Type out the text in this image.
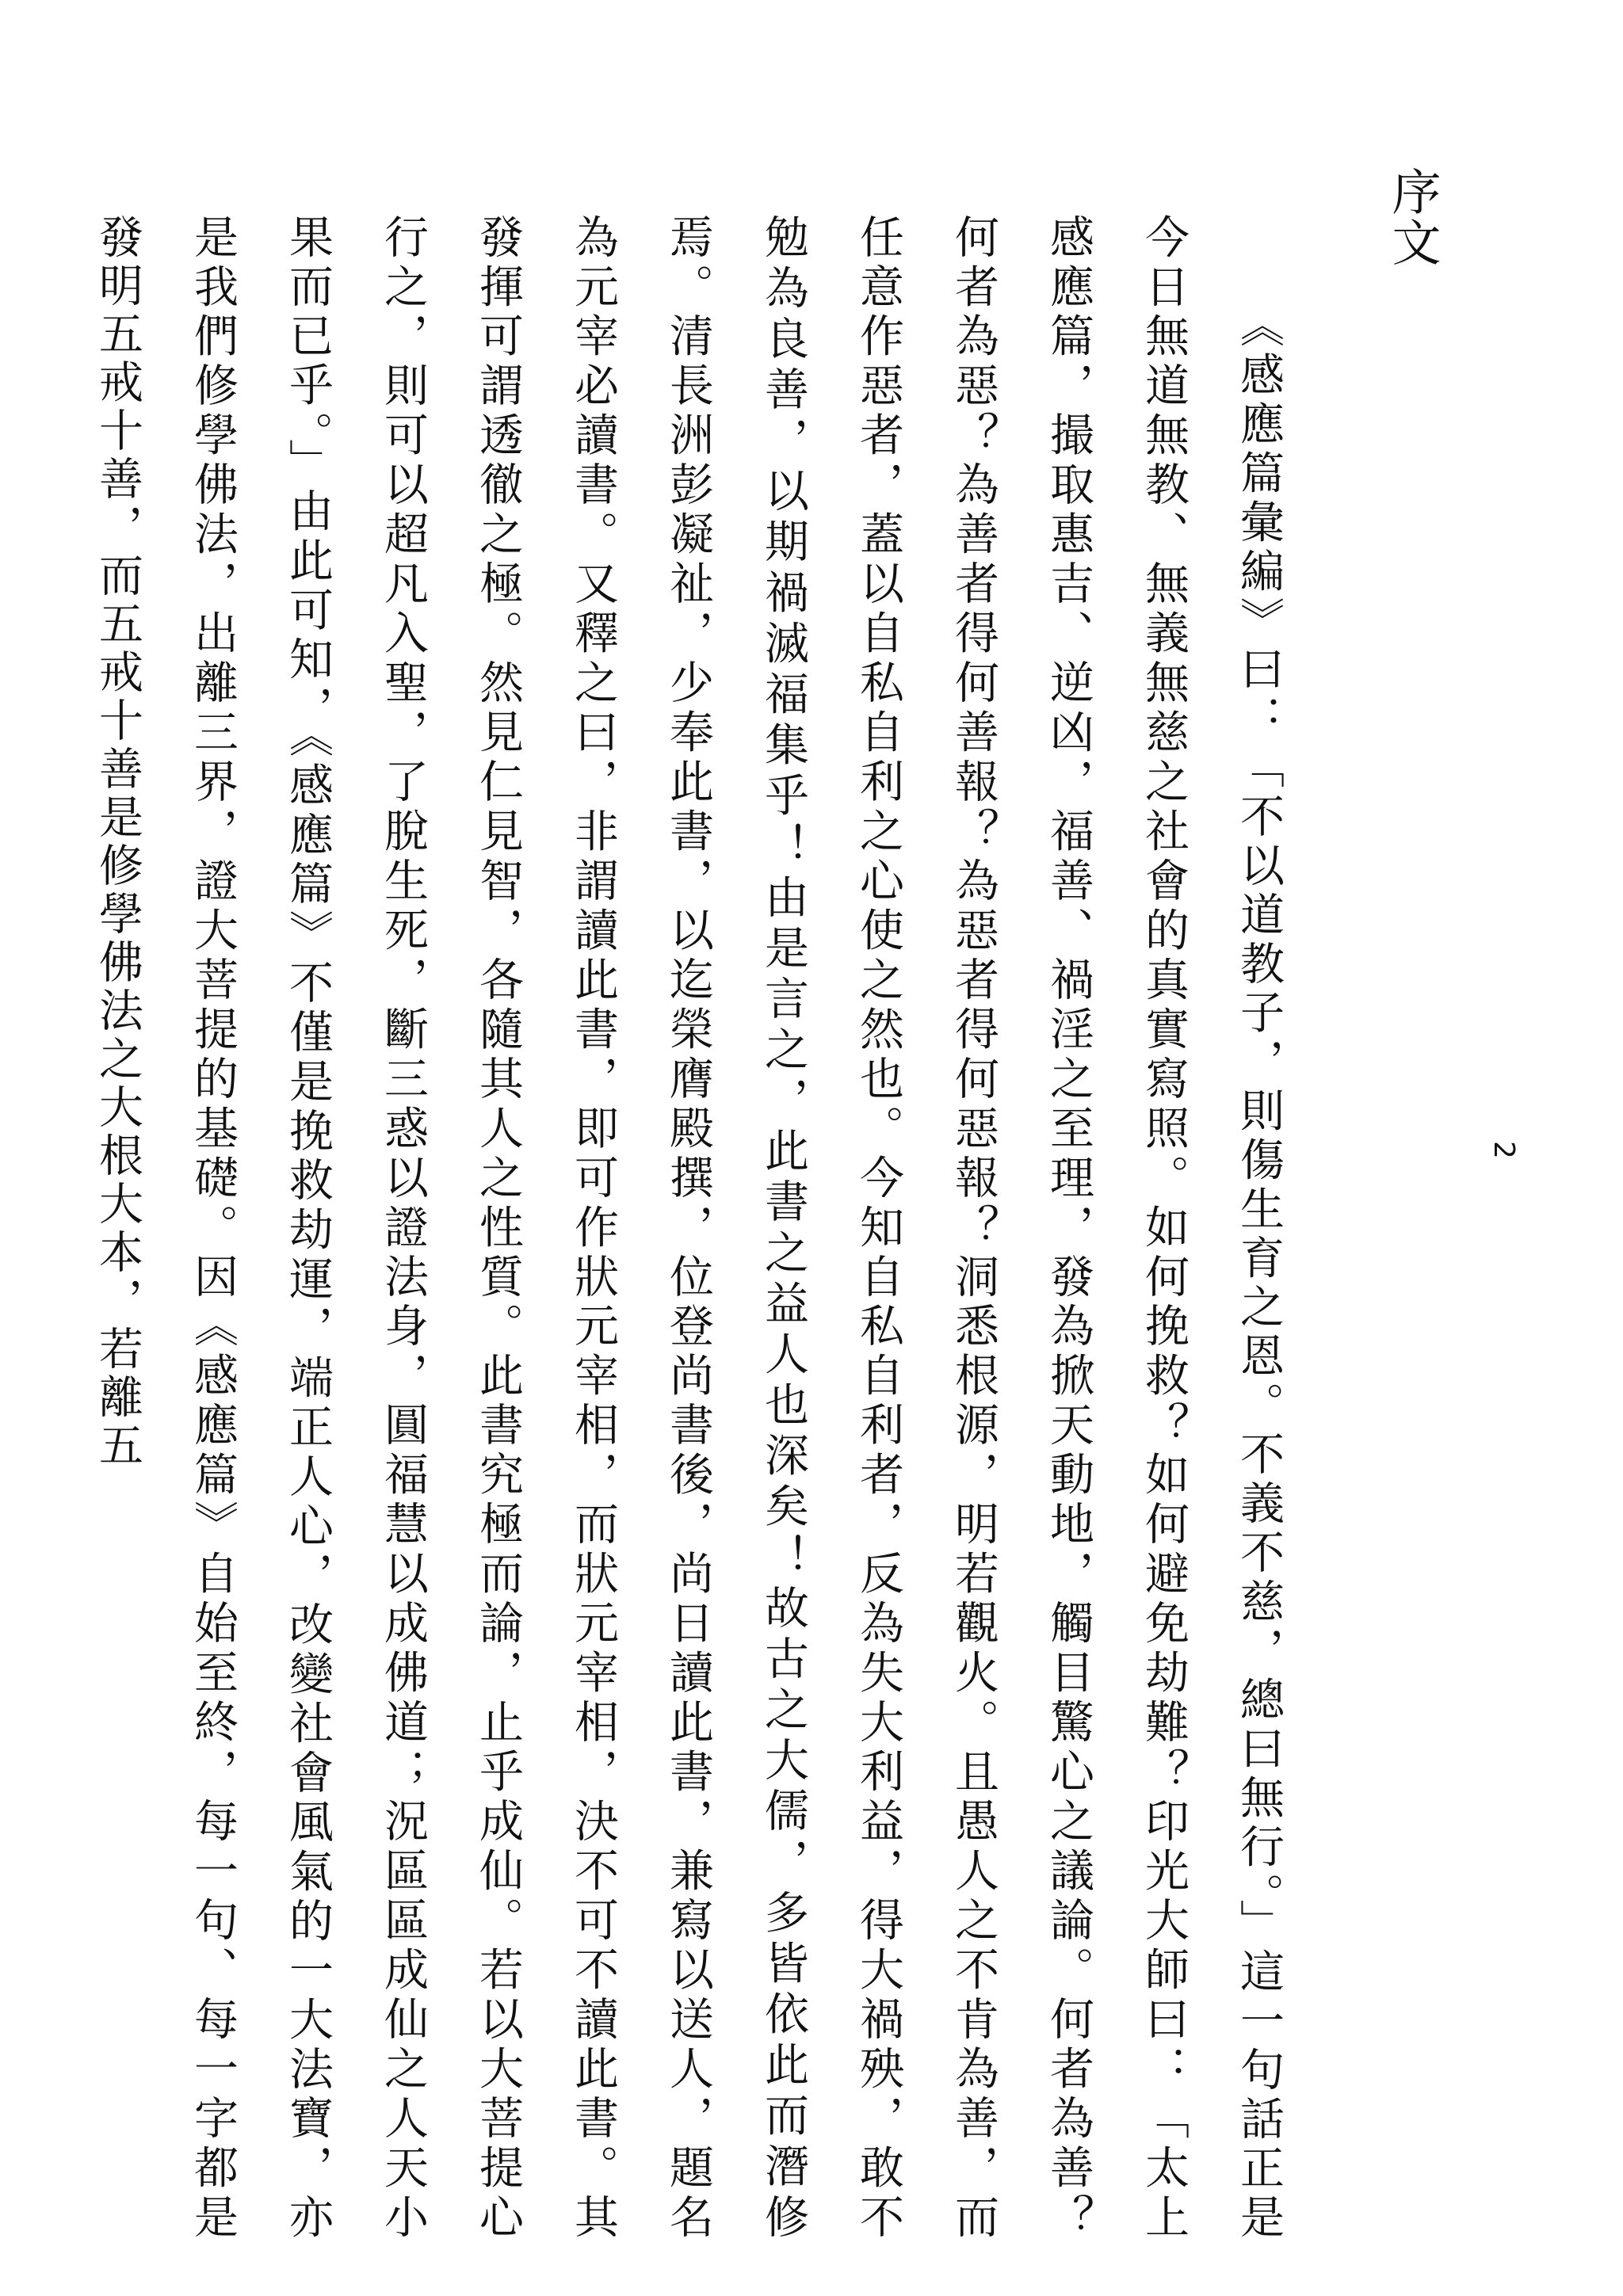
序文

《感應篇彙編》曰：「不以道教子，則傷生育之恩。不義不慈，總曰無行。」這一句話正是今日無道無教、無義無慈之社會的真實寫照。如何挽救？如何避免劫難？印光大師曰：「太上感應篇，撮取惠吉、逆凶，福善、禍淫之至理，發為掀天動地，觸目驚心之議論。何者為善？何者為惡？為善者得何善報？為惡者得何惡報？洞悉根源，明若觀火。且愚人之不肯為善，而任意作惡者，蓋以自私自利之心使之然也。今知自私自利者，反為失大利益，得大禍殃，敢不勉為良善，以期禍滅福集乎！由是言之，此書之益人也深矣！故古之大儒，多皆依此而潛修焉。清長洲彭凝祉，少奉此書，以迄榮膺殿撰，位登尚書後，尚日讀此書，兼寫以送人，題名為元宰必讀書。又釋之曰，非謂讀此書，即可作狀元宰相，而狀元宰相，決不可不讀此書。其發揮可謂透徹之極。然見仁見智，各隨其人之性質。此書究極而論，止乎成仙。若以大菩提心行之，則可以超凡入聖，了脫生死，斷三惑以證法身，圓福慧以成佛道；況區區成仙之人天小果而已乎。」由此可知，《感應篇》不僅是挽救劫運，端正人心，改變社會風氣的一大法寶，亦是我們修學佛法，出離三界，證大菩提的基礎。因《感應篇》自始至終，每一句、每一字都是發明五戒十善，而五戒十善是修學佛法之大根大本，若離五	2
